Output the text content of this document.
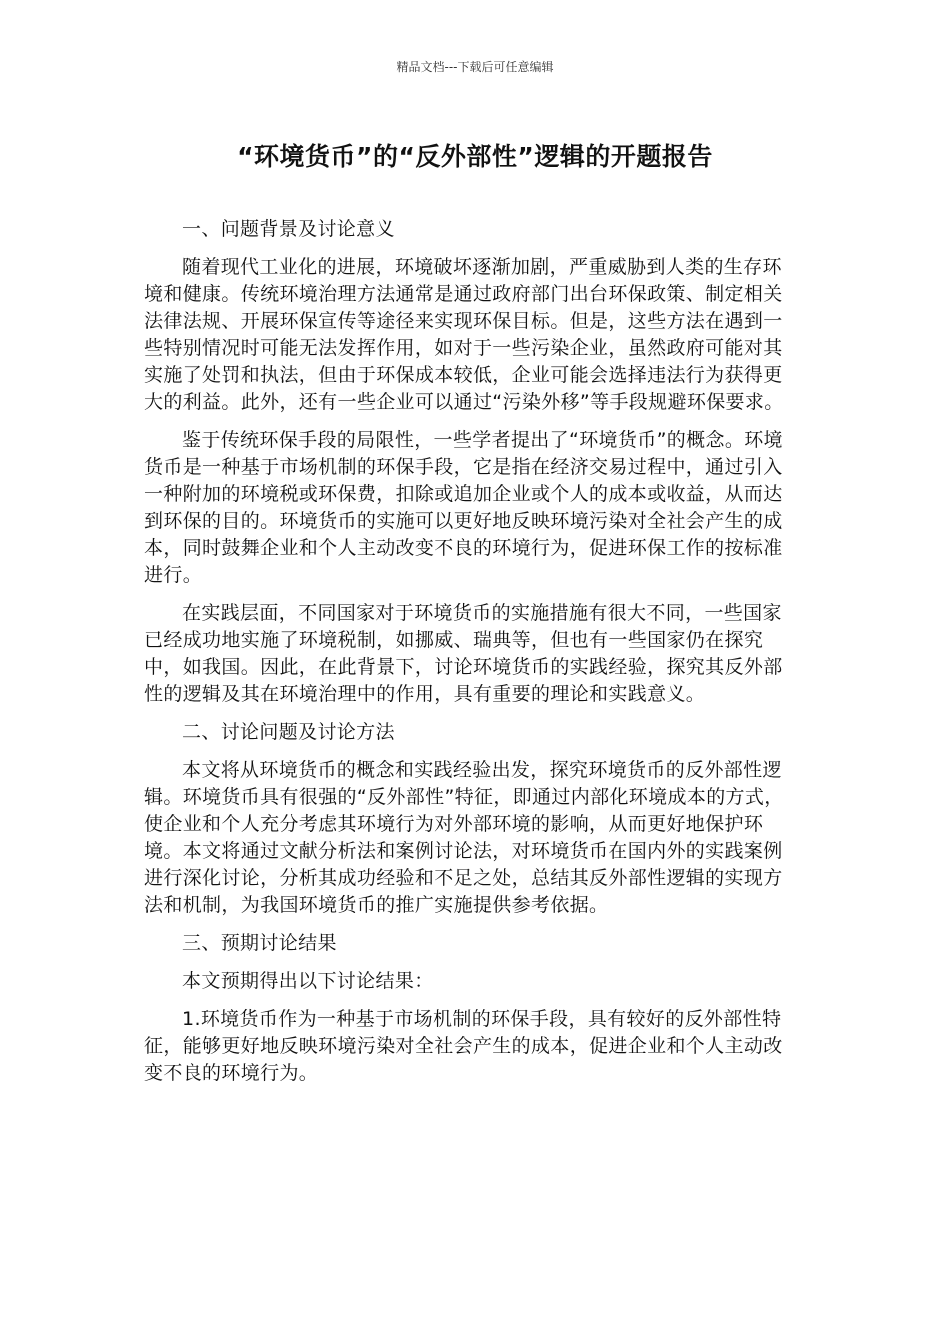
精品文档---下载后可任意编辑
“环境货币”的“反外部性”逻辑的开题报告

一、问题背景及讨论意义

随着现代工业化的进展，环境破坏逐渐加剧，严重威胁到人类的生存环境和健康。传统环境治理方法通常是通过政府部门出台环保政策、制定相关法律法规、开展环保宣传等途径来实现环保目标。但是，这些方法在遇到一些特别情况时可能无法发挥作用，如对于一些污染企业，虽然政府可能对其实施了处罚和执法，但由于环保成本较低，企业可能会选择违法行为获得更大的利益。此外，还有一些企业可以通过“污染外移”等手段规避环保要求。

鉴于传统环保手段的局限性，一些学者提出了“环境货币”的概念。环境货币是一种基于市场机制的环保手段，它是指在经济交易过程中，通过引入一种附加的环境税或环保费，扣除或追加企业或个人的成本或收益，从而达到环保的目的。环境货币的实施可以更好地反映环境污染对全社会产生的成本，同时鼓舞企业和个人主动改变不良的环境行为，促进环保工作的按标准进行。

在实践层面，不同国家对于环境货币的实施措施有很大不同，一些国家已经成功地实施了环境税制，如挪威、瑞典等，但也有一些国家仍在探究中，如我国。因此，在此背景下，讨论环境货币的实践经验，探究其反外部性的逻辑及其在环境治理中的作用，具有重要的理论和实践意义。

二、讨论问题及讨论方法

本文将从环境货币的概念和实践经验出发，探究环境货币的反外部性逻辑。环境货币具有很强的“反外部性”特征，即通过内部化环境成本的方式，使企业和个人充分考虑其环境行为对外部环境的影响，从而更好地保护环境。本文将通过文献分析法和案例讨论法，对环境货币在国内外的实践案例进行深化讨论，分析其成功经验和不足之处，总结其反外部性逻辑的实现方法和机制，为我国环境货币的推广实施提供参考依据。

三、预期讨论结果

本文预期得出以下讨论结果：

1.环境货币作为一种基于市场机制的环保手段，具有较好的反外部性特征，能够更好地反映环境污染对全社会产生的成本，促进企业和个人主动改变不良的环境行为。
